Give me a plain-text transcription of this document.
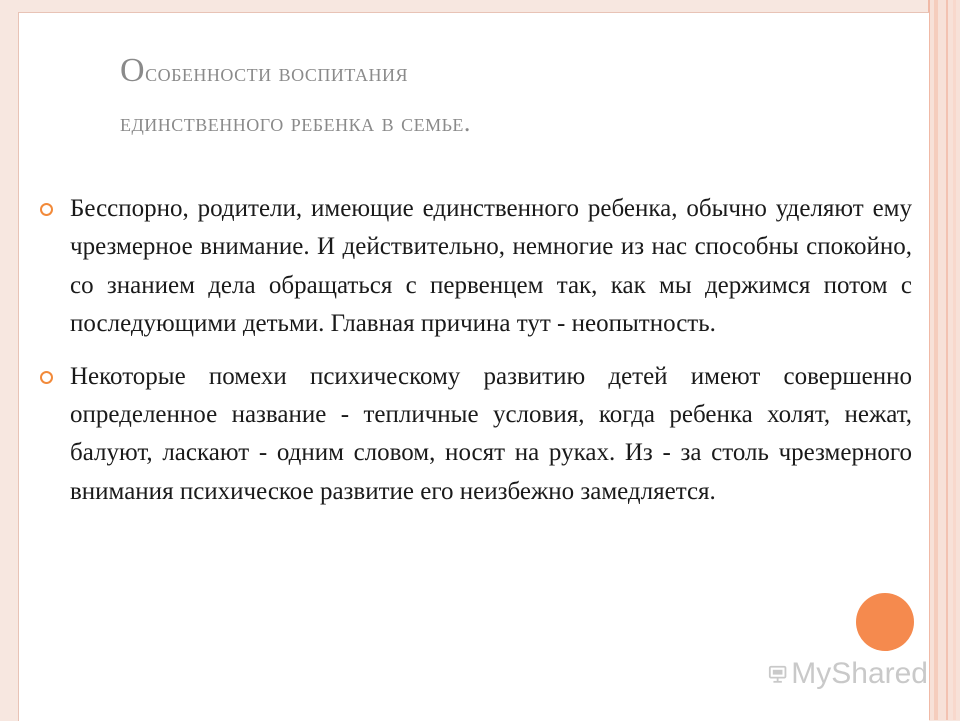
Особенности воспитания
единственного ребенка в семье.
Бесспорно, родители, имеющие единственного ребенка, обычно уделяют ему чрезмерное внимание. И действительно, немногие из нас способны спокойно, со знанием дела обращаться с первенцем так, как мы держимся потом с последующими детьми. Главная причина тут - неопытность.
Некоторые помехи психическому развитию детей имеют совершенно определенное название - тепличные условия, когда ребенка холят, нежат, балуют, ласкают - одним словом, носят на руках. Из - за столь чрезмерного внимания психическое развитие его неизбежно замедляется.
MyShared
